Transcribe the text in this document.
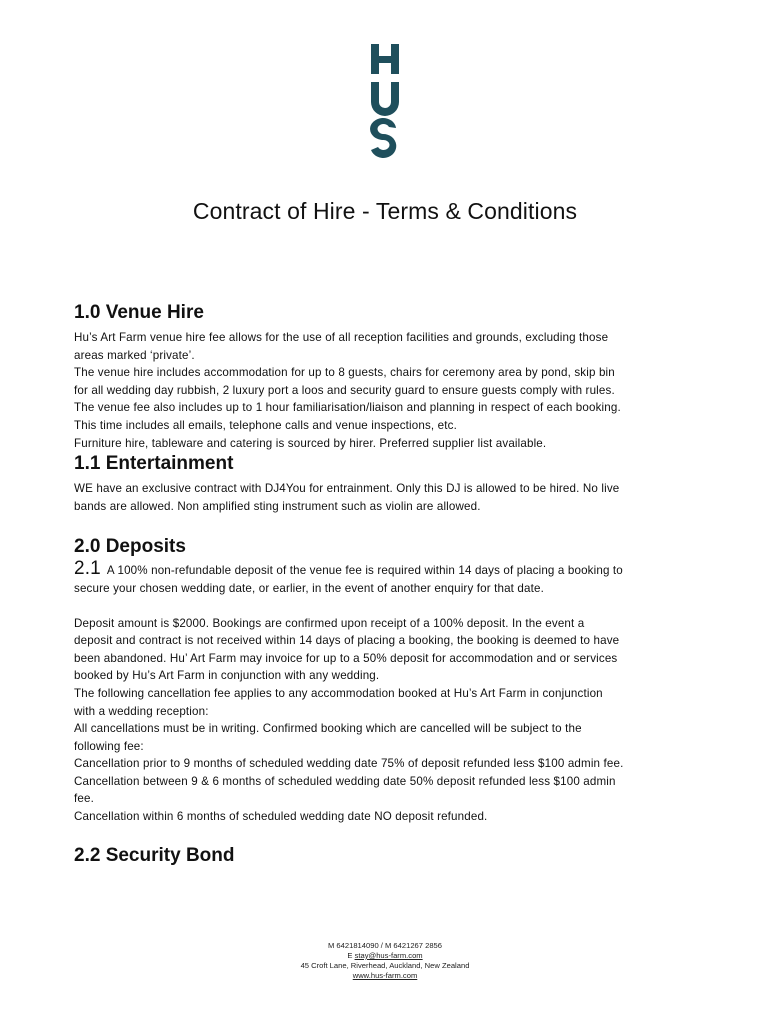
Contract of Hire - Terms & Conditions
1.0 Venue Hire

Hu’s Art Farm venue hire fee allows for the use of all reception facilities and grounds, excluding those

areas marked ‘private’.

The venue hire includes accommodation for up to 8 guests, chairs for ceremony area by pond, skip bin

for all wedding day rubbish, 2 luxury port a loos and security guard to ensure guests comply with rules.

The venue fee also includes up to 1 hour familiarisation/liaison and planning in respect of each booking.

This time includes all emails, telephone calls and venue inspections, etc.

Furniture hire, tableware and catering is sourced by hirer. Preferred supplier list available.

1.1 Entertainment

WE have an exclusive contract with DJ4You for entrainment. Only this DJ is allowed to be hired. No live

bands are allowed. Non amplified sting instrument such as violin are allowed.

2.0 Deposits

2.1 A 100% non-refundable deposit of the venue fee is required within 14 days of placing a booking to

secure your chosen wedding date, or earlier, in the event of another enquiry for that date.

Deposit amount is $2000. Bookings are confirmed upon receipt of a 100% deposit. In the event a

deposit and contract is not received within 14 days of placing a booking, the booking is deemed to have

been abandoned. Hu’ Art Farm may invoice for up to a 50% deposit for accommodation and or services

booked by Hu’s Art Farm in conjunction with any wedding.

The following cancellation fee applies to any accommodation booked at Hu’s Art Farm in conjunction

with a wedding reception:

All cancellations must be in writing. Confirmed booking which are cancelled will be subject to the

following fee:

Cancellation prior to 9 months of scheduled wedding date 75% of deposit refunded less $100 admin fee.

Cancellation between 9 & 6 months of scheduled wedding date 50% deposit refunded less $100 admin

fee.

Cancellation within 6 months of scheduled wedding date NO deposit refunded.

2.2 Security Bond
M 6421814090 / M 6421267 2856
E stay@hus-farm.com
45 Croft Lane, Riverhead, Auckland, New Zealand
www.hus-farm.com
